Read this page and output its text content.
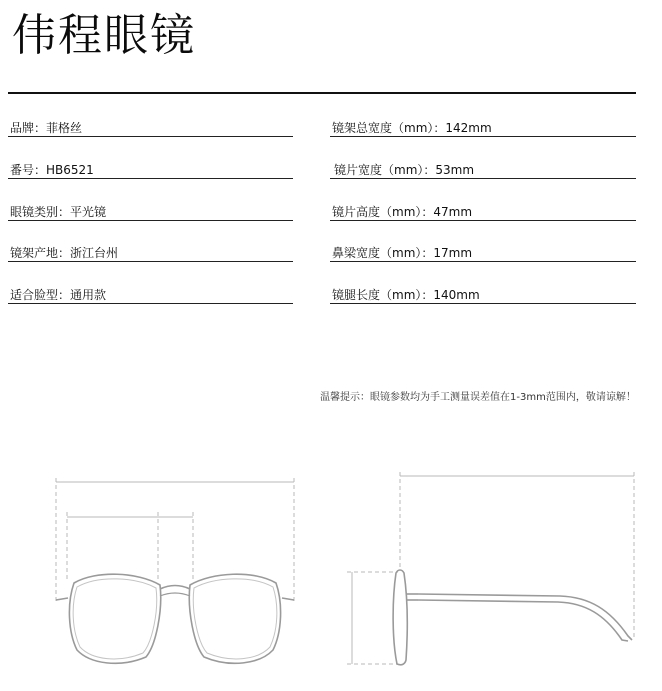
伟程眼镜
品牌：菲格丝
番号：HB6521
眼镜类别：平光镜
镜架产地：浙江台州
适合脸型：通用款
镜架总宽度（mm）：142mm
镜片宽度（mm）：53mm
镜片高度（mm）：47mm
鼻梁宽度（mm）：17mm
镜腿长度（mm）：140mm
温馨提示：眼镜参数均为手工测量误差值在1-3mm范围内，敬请谅解！
